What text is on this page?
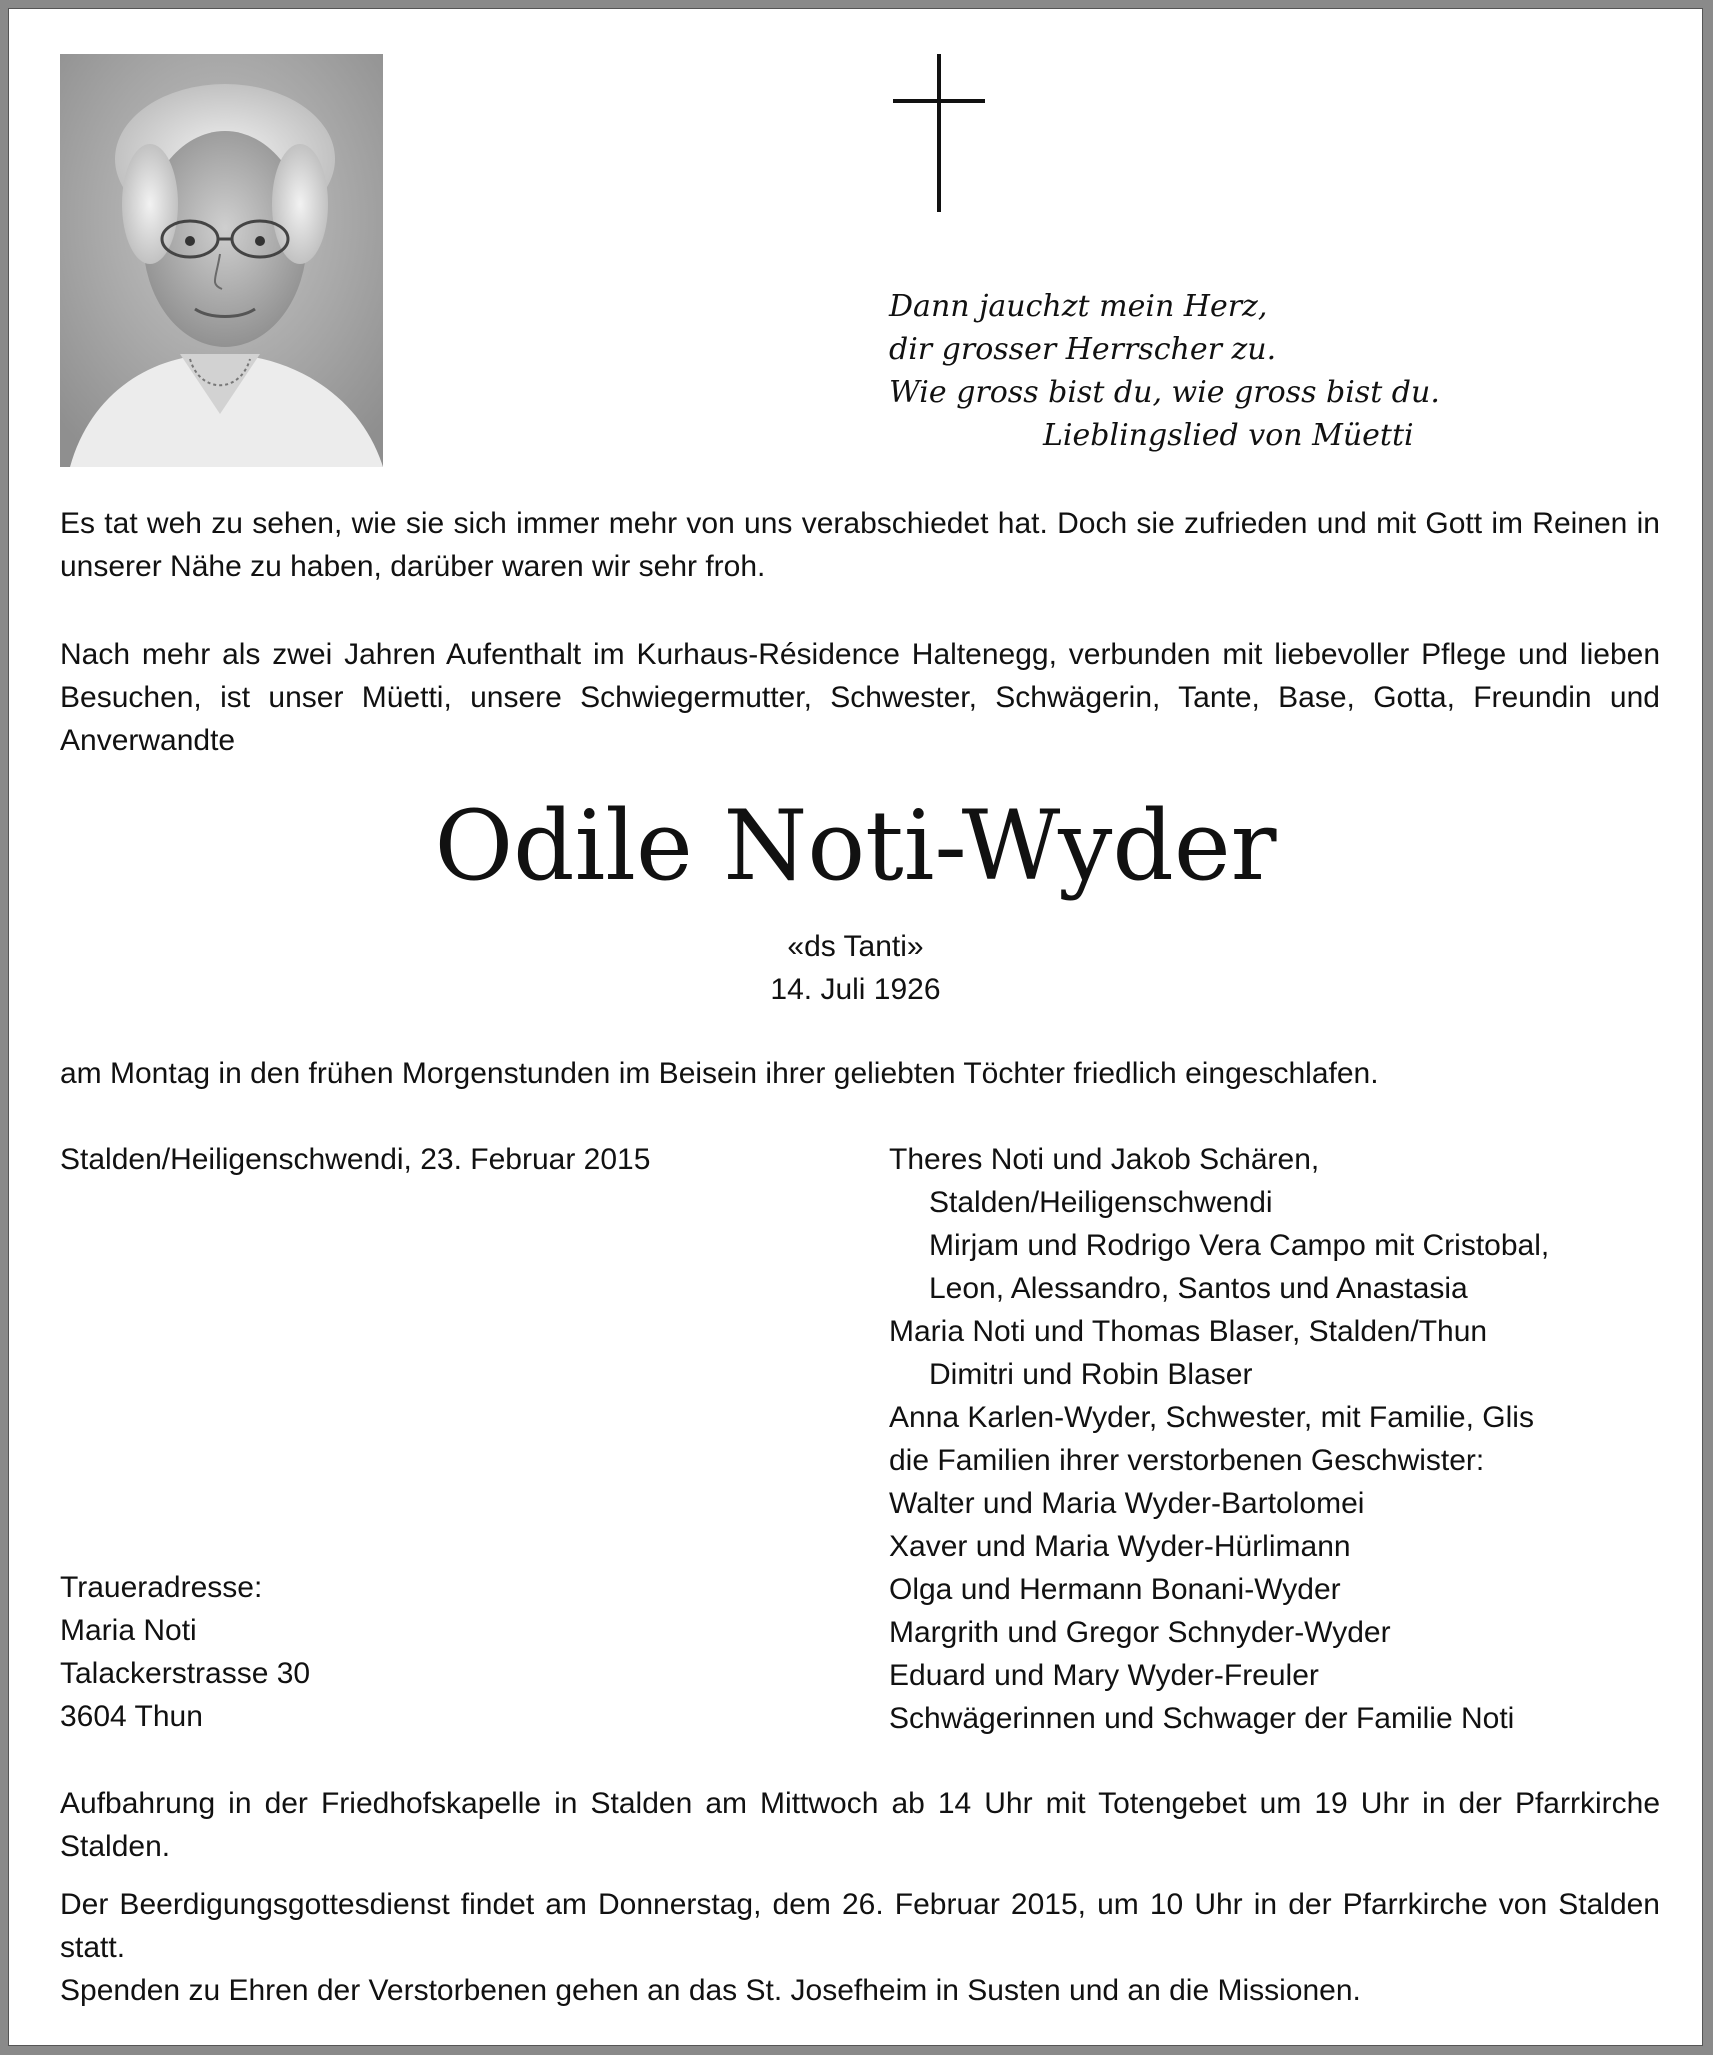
Dann jauchzt mein Herz,
dir grosser Herrscher zu.
Wie gross bist du, wie gross bist du.
Lieblingslied von Müetti

Es tat weh zu sehen, wie sie sich immer mehr von uns verabschiedet hat. Doch sie zufrieden und mit Gott im Reinen in unserer Nähe zu haben, darüber waren wir sehr froh.

Nach mehr als zwei Jahren Aufenthalt im Kurhaus-Résidence Haltenegg, verbunden mit liebevoller Pflege und lieben Besuchen, ist unser Müetti, unsere Schwiegermutter, Schwester, Schwägerin, Tante, Base, Gotta, Freundin und Anverwandte

Odile Noti-Wyder
«ds Tanti»
14. Juli 1926

am Montag in den frühen Morgenstunden im Beisein ihrer geliebten Töchter friedlich eingeschlafen.

Stalden/Heiligenschwendi, 23. Februar 2015	Theres Noti und Jakob Schären,
Stalden/Heiligenschwendi
Mirjam und Rodrigo Vera Campo mit Cristobal,
Leon, Alessandro, Santos und Anastasia
Maria Noti und Thomas Blaser, Stalden/Thun
Dimitri und Robin Blaser
Anna Karlen-Wyder, Schwester, mit Familie, Glis
die Familien ihrer verstorbenen Geschwister:
Walter und Maria Wyder-Bartolomei
Xaver und Maria Wyder-Hürlimann
Olga und Hermann Bonani-Wyder
Margrith und Gregor Schnyder-Wyder
Eduard und Mary Wyder-Freuler
Schwägerinnen und Schwager der Familie Noti
Traueradresse:
Maria Noti
Talackerstrasse 30
3604 Thun

Aufbahrung in der Friedhofskapelle in Stalden am Mittwoch ab 14 Uhr mit Totengebet um 19 Uhr in der Pfarrkirche Stalden.

Der Beerdigungsgottesdienst findet am Donnerstag, dem 26. Februar 2015, um 10 Uhr in der Pfarrkirche von Stalden statt.

Spenden zu Ehren der Verstorbenen gehen an das St. Josefheim in Susten und an die Missionen.
